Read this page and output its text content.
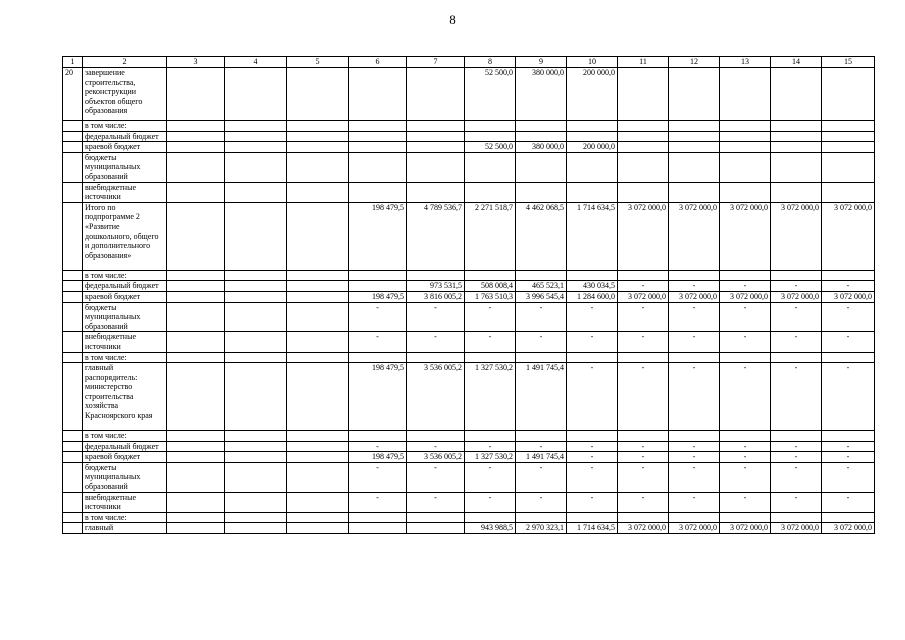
8
1	2	3	4	5	6	7	8	9	10	11	12	13	14	15
20	завершение строительства, реконструкции объектов общего образования						52 500,0	380 000,0	200 000,0					
	в том числе:													
	федеральный бюджет													
	краевой бюджет						52 500,0	380 000,0	200 000,0					
	бюджеты муниципальных образований													
	внебюджетные источники													
	Итого по подпрограмме 2 «Развитие дошкольного, общего и дополнительного образования»				198 479,5	4 789 536,7	2 271 518,7	4 462 068,5	1 714 634,5	3 072 000,0	3 072 000,0	3 072 000,0	3 072 000,0	3 072 000,0
	в том числе:													
	федеральный бюджет					973 531,5	508 008,4	465 523,1	430 034,5	-	-	-	-	-
	краевой бюджет				198 479,5	3 816 005,2	1 763 510,3	3 996 545,4	1 284 600,0	3 072 000,0	3 072 000,0	3 072 000,0	3 072 000,0	3 072 000,0
	бюджеты муниципальных образований				-	-	-	-	-	-	-	-	-	-
	внебюджетные источники				-	-	-	-	-	-	-	-	-	-
	в том числе:													
	главный распорядитель: министерство строительства хозяйства Красноярского края				198 479,5	3 536 005,2	1 327 530,2	1 491 745,4	-	-	-	-	-	-
	в том числе:													
	федеральный бюджет				-	-	-	-	-	-	-	-	-	-
	краевой бюджет				198 479,5	3 536 005,2	1 327 530,2	1 491 745,4	-	-	-	-	-	-
	бюджеты муниципальных образований				-	-	-	-	-	-	-	-	-	-
	внебюджетные источники				-	-	-	-	-	-	-	-	-	-
	в том числе:													
	главный						943 988,5	2 970 323,1	1 714 634,5	3 072 000,0	3 072 000,0	3 072 000,0	3 072 000,0	3 072 000,0
